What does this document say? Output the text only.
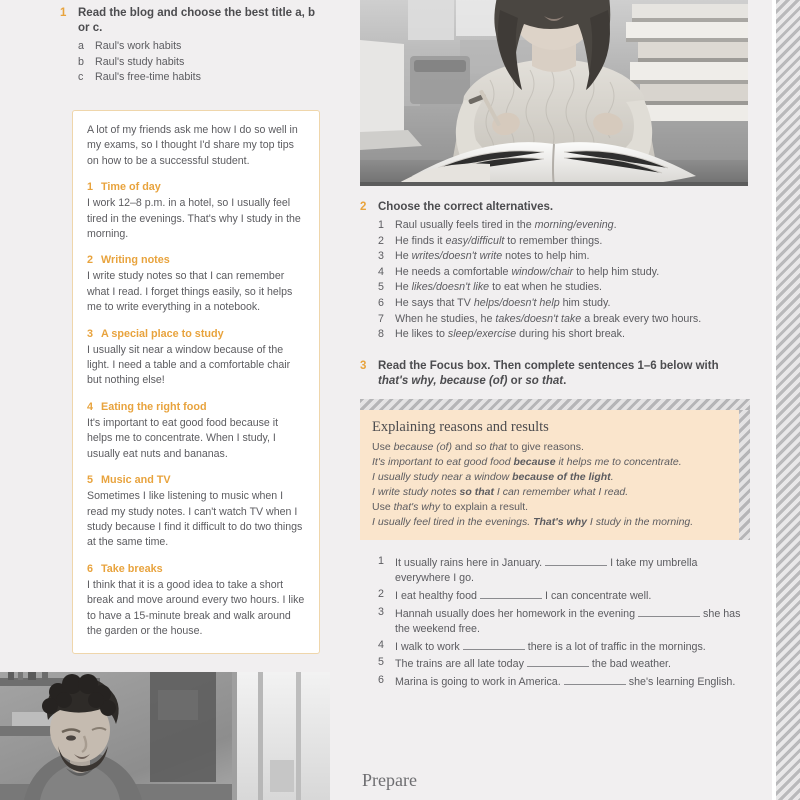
1	Read the blog and choose the best title a, b or c.
a Raul's work habits
b Raul's study habits
c	Raul's free-time habits

A lot of my friends ask me how I do so well in my exams, so I thought I'd share my top tips on how to be a successful student.

1 Time of day

I work 12–8 p.m. in a hotel, so I usually feel tired in the evenings. That's why I study in the morning.

2 Writing notes

I write study notes so that I can remember what I read. I forget things easily, so it helps me to write everything in a notebook.

3 A special place to study

I usually sit near a window because of the light. I need a table and a comfortable chair but nothing else!

4 Eating the right food

It's important to eat good food because it helps me to concentrate. When I study, I usually eat nuts and bananas.

5 Music and TV

Sometimes I like listening to music when I read my study notes. I can't watch TV when I study because I find it difficult to do two things at the same time.

6 Take breaks

I think that it is a good idea to take a short break and move around every two hours. I like to have a 15-minute break and walk around the garden or the house.

2	Choose the correct alternatives.
1 Raul usually feels tired in the morning/evening.
2 He finds it easy/difficult to remember things.
3 He writes/doesn't write notes to help him.
4 He needs a comfortable window/chair to help him study.
5 He likes/doesn't like to eat when he studies.
6 He says that TV helps/doesn't help him study.
7 When he studies, he takes/doesn't take a break every two hours.
8 He likes to sleep/exercise during his short break.
3	Read the Focus box. Then complete sentences 1–6 below with that's why, because (of) or so that.
Explaining reasons and results

Use because (of) and so that to give reasons.

It's important to eat good food because it helps me to concentrate.

I usually study near a window because of the light.

I write study notes so that I can remember what I read.

Use that's why to explain a result.

I usually feel tired in the evenings. That's why I study in the morning.

1 It usually rains here in January.	I take my umbrella everywhere I go.
2 I eat healthy food	I can concentrate well.
3 Hannah usually does her homework in the evening	she has the weekend free.
4 I walk to work	there is a lot of traffic in the mornings.
5 The trains are all late today	the bad weather.
6 Marina is going to work in America.	she's learning English.
Prepare
